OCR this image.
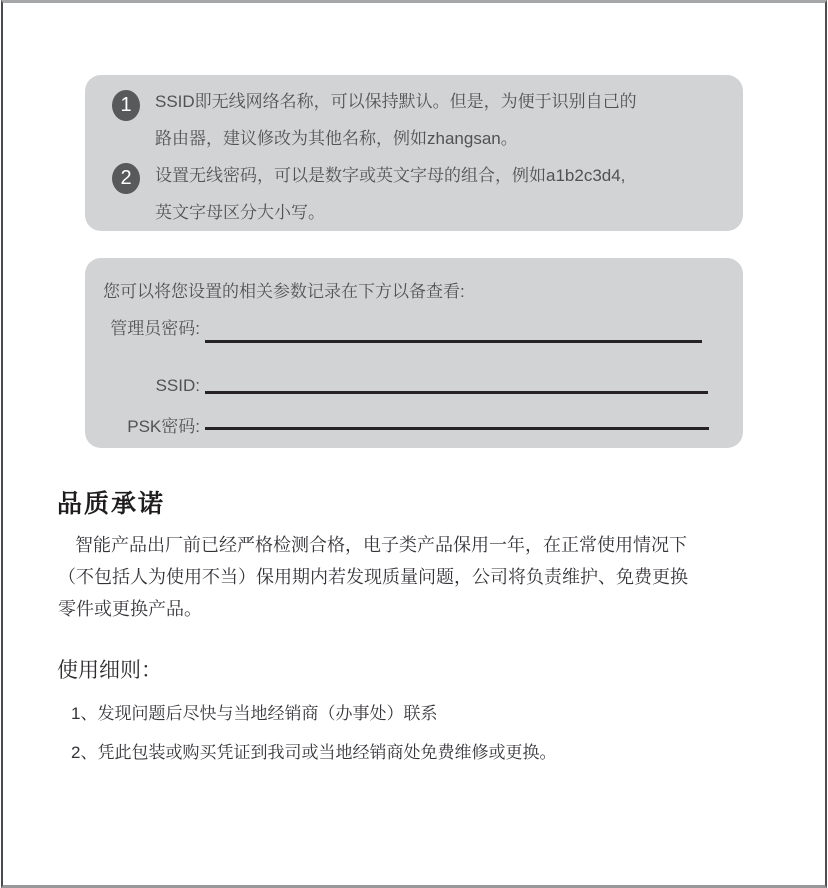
1
2
SSID即无线网络名称，可以保持默认。但是，为便于识别自己的
路由器，建议修改为其他名称，例如zhangsan。
设置无线密码，可以是数字或英文字母的组合，例如a1b2c3d4,
英文字母区分大小写。
您可以将您设置的相关参数记录在下方以备查看:
管理员密码:
SSID:
PSK密码:
品质承诺
智能产品出厂前已经严格检测合格，电子类产品保用一年，在正常使用情况下
（不包括人为使用不当）保用期内若发现质量问题，公司将负责维护、免费更换
零件或更换产品。
使用细则：
1、发现问题后尽快与当地经销商（办事处）联系
2、凭此包装或购买凭证到我司或当地经销商处免费维修或更换。
